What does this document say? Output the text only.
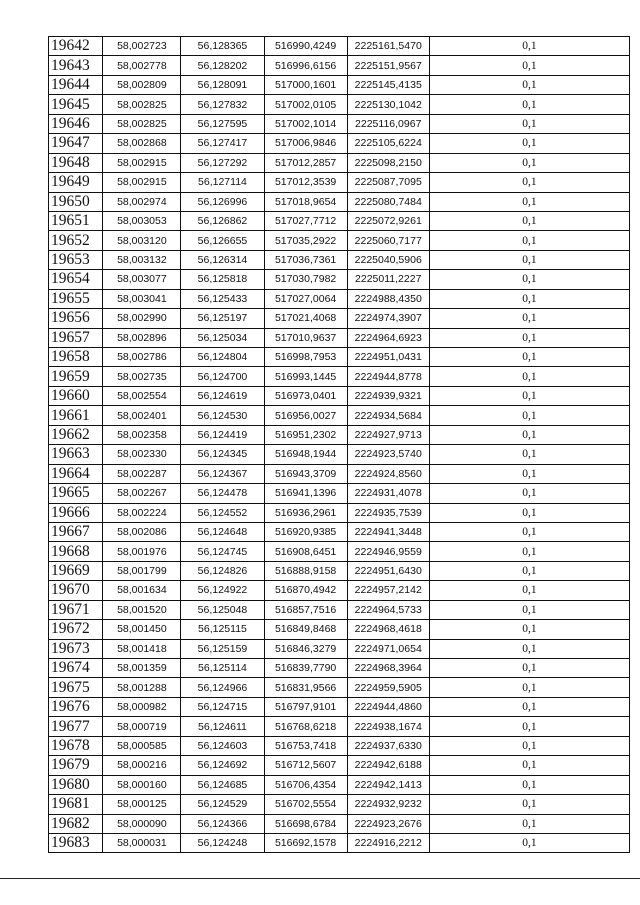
19642	58,002723	56,128365	516990,4249	2225161,5470	0,1
19643	58,002778	56,128202	516996,6156	2225151,9567	0,1
19644	58,002809	56,128091	517000,1601	2225145,4135	0,1
19645	58,002825	56,127832	517002,0105	2225130,1042	0,1
19646	58,002825	56,127595	517002,1014	2225116,0967	0,1
19647	58,002868	56,127417	517006,9846	2225105,6224	0,1
19648	58,002915	56,127292	517012,2857	2225098,2150	0,1
19649	58,002915	56,127114	517012,3539	2225087,7095	0,1
19650	58,002974	56,126996	517018,9654	2225080,7484	0,1
19651	58,003053	56,126862	517027,7712	2225072,9261	0,1
19652	58,003120	56,126655	517035,2922	2225060,7177	0,1
19653	58,003132	56,126314	517036,7361	2225040,5906	0,1
19654	58,003077	56,125818	517030,7982	2225011,2227	0,1
19655	58,003041	56,125433	517027,0064	2224988,4350	0,1
19656	58,002990	56,125197	517021,4068	2224974,3907	0,1
19657	58,002896	56,125034	517010,9637	2224964,6923	0,1
19658	58,002786	56,124804	516998,7953	2224951,0431	0,1
19659	58,002735	56,124700	516993,1445	2224944,8778	0,1
19660	58,002554	56,124619	516973,0401	2224939,9321	0,1
19661	58,002401	56,124530	516956,0027	2224934,5684	0,1
19662	58,002358	56,124419	516951,2302	2224927,9713	0,1
19663	58,002330	56,124345	516948,1944	2224923,5740	0,1
19664	58,002287	56,124367	516943,3709	2224924,8560	0,1
19665	58,002267	56,124478	516941,1396	2224931,4078	0,1
19666	58,002224	56,124552	516936,2961	2224935,7539	0,1
19667	58,002086	56,124648	516920,9385	2224941,3448	0,1
19668	58,001976	56,124745	516908,6451	2224946,9559	0,1
19669	58,001799	56,124826	516888,9158	2224951,6430	0,1
19670	58,001634	56,124922	516870,4942	2224957,2142	0,1
19671	58,001520	56,125048	516857,7516	2224964,5733	0,1
19672	58,001450	56,125115	516849,8468	2224968,4618	0,1
19673	58,001418	56,125159	516846,3279	2224971,0654	0,1
19674	58,001359	56,125114	516839,7790	2224968,3964	0,1
19675	58,001288	56,124966	516831,9566	2224959,5905	0,1
19676	58,000982	56,124715	516797,9101	2224944,4860	0,1
19677	58,000719	56,124611	516768,6218	2224938,1674	0,1
19678	58,000585	56,124603	516753,7418	2224937,6330	0,1
19679	58,000216	56,124692	516712,5607	2224942,6188	0,1
19680	58,000160	56,124685	516706,4354	2224942,1413	0,1
19681	58,000125	56,124529	516702,5554	2224932,9232	0,1
19682	58,000090	56,124366	516698,6784	2224923,2676	0,1
19683	58,000031	56,124248	516692,1578	2224916,2212	0,1
